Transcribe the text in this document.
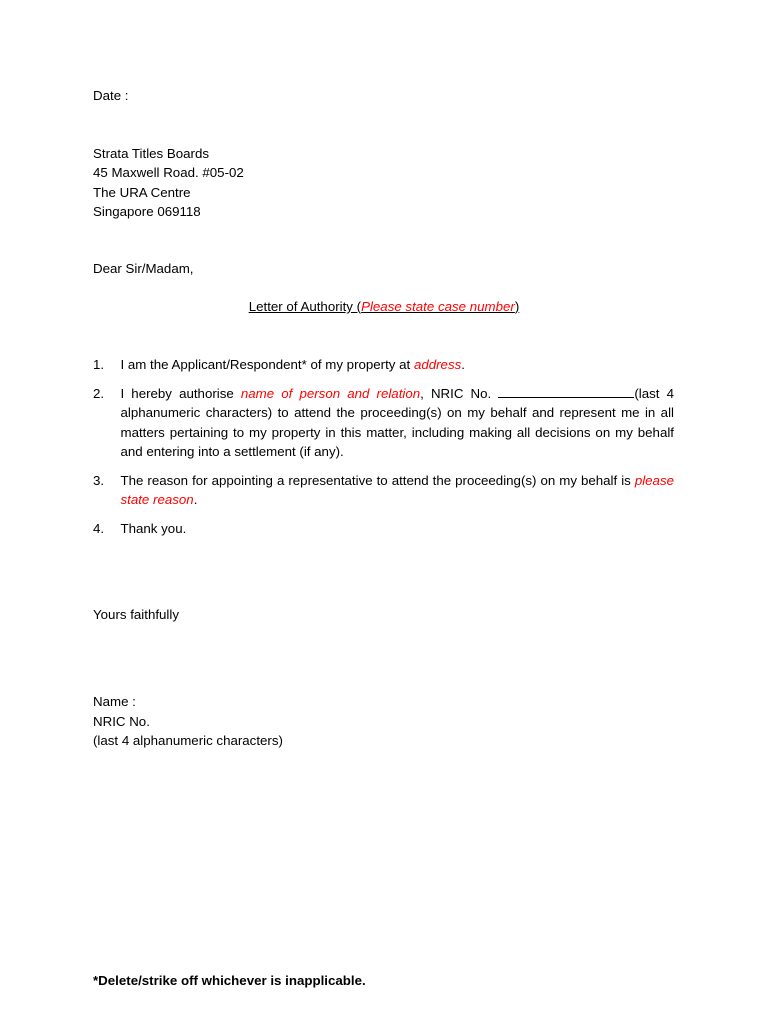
Date :
Strata Titles Boards
45 Maxwell Road. #05-02
The URA Centre
Singapore 069118
Dear Sir/Madam,
Letter of Authority (Please state case number)
1.	I am the Applicant/Respondent* of my property at address.
2.	I hereby authorise name of person and relation, NRIC No.	(last 4 alphanumeric characters) to attend the proceeding(s) on my behalf and represent me in all matters pertaining to my property in this matter, including making all decisions on my behalf and entering into a settlement (if any).
3.	The reason for appointing a representative to attend the proceeding(s) on my behalf is please state reason.
4.	Thank you.
Yours faithfully
Name :
NRIC No.
(last 4 alphanumeric characters)
*Delete/strike off whichever is inapplicable.
